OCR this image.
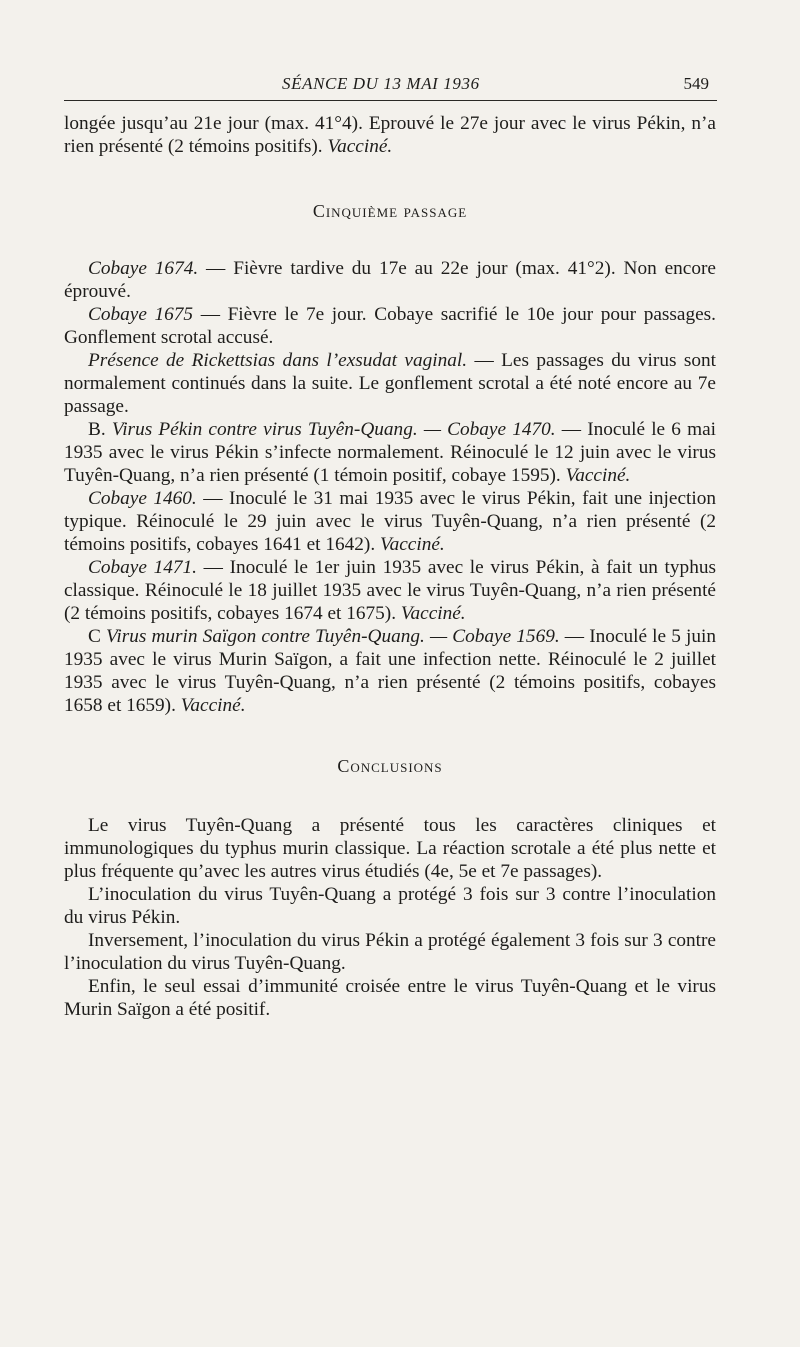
SÉANCE DU 13 MAI 1936	549

longée jusqu’au 21e jour (max. 41°4). Eprouvé le 27e jour avec le virus Pékin, n’a rien présenté (2 témoins positifs). Vacciné.

Cinquième passage

Cobaye 1674. — Fièvre tardive du 17e au 22e jour (max. 41°2). Non encore éprouvé.

Cobaye 1675 — Fièvre le 7e jour. Cobaye sacrifié le 10e jour pour passages. Gonflement scrotal accusé.

Présence de Rickettsias dans l’exsudat vaginal. — Les passages du virus sont normalement continués dans la suite. Le gonflement scrotal a été noté encore au 7e passage.

B. Virus Pékin contre virus Tuyên-Quang. — Cobaye 1470. — Inoculé le 6 mai 1935 avec le virus Pékin s’infecte normalement. Réinoculé le 12 juin avec le virus Tuyên-Quang, n’a rien présenté (1 témoin positif, cobaye 1595). Vacciné.

Cobaye 1460. — Inoculé le 31 mai 1935 avec le virus Pékin, fait une injection typique. Réinoculé le 29 juin avec le virus Tuyên-Quang, n’a rien présenté (2 témoins positifs, cobayes 1641 et 1642). Vacciné.

Cobaye 1471. — Inoculé le 1er juin 1935 avec le virus Pékin, à fait un typhus classique. Réinoculé le 18 juillet 1935 avec le virus Tuyên-Quang, n’a rien présenté (2 témoins positifs, cobayes 1674 et 1675). Vacciné.

C Virus murin Saïgon contre Tuyên-Quang. — Cobaye 1569. — Inoculé le 5 juin 1935 avec le virus Murin Saïgon, a fait une infection nette. Réinoculé le 2 juillet 1935 avec le virus Tuyên-Quang, n’a rien présenté (2 témoins positifs, cobayes 1658 et 1659). Vacciné.

Conclusions

Le virus Tuyên-Quang a présenté tous les caractères cliniques et immunologiques du typhus murin classique. La réaction scrotale a été plus nette et plus fréquente qu’avec les autres virus étudiés (4e, 5e et 7e passages).

L’inoculation du virus Tuyên-Quang a protégé 3 fois sur 3 contre l’inoculation du virus Pékin.

Inversement, l’inoculation du virus Pékin a protégé également 3 fois sur 3 contre l’inoculation du virus Tuyên-Quang.

Enfin, le seul essai d’immunité croisée entre le virus Tuyên-Quang et le virus Murin Saïgon a été positif.
